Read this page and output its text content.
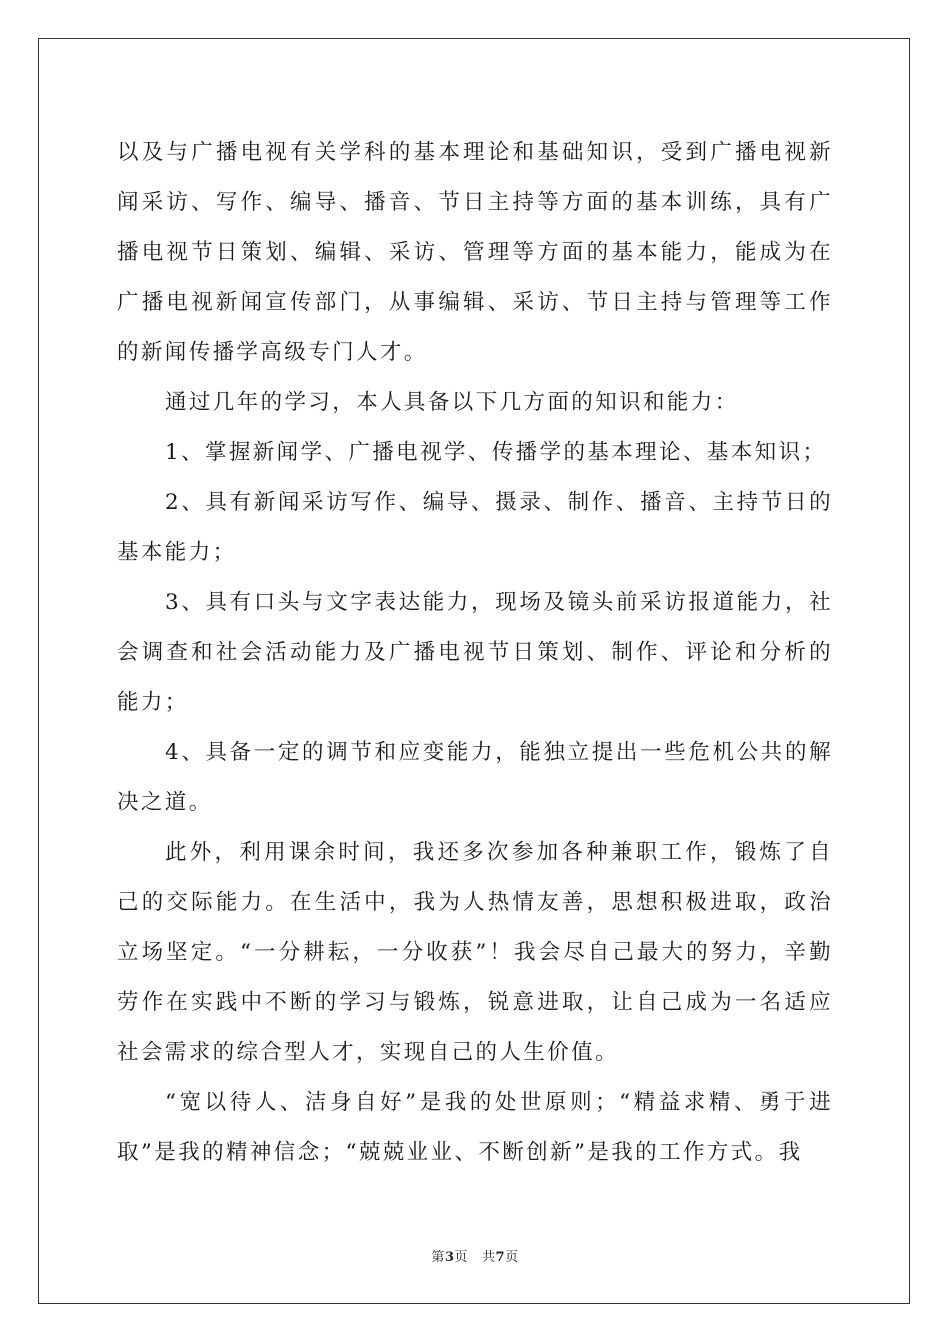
以及与广播电视有关学科的基本理论和基础知识，受到广播电视新闻采访、写作、编导、播音、节日主持等方面的基本训练，具有广播电视节日策划、编辑、采访、管理等方面的基本能力，能成为在广播电视新闻宣传部门，从事编辑、采访、节日主持与管理等工作的新闻传播学高级专门人才。

通过几年的学习，本人具备以下几方面的知识和能力：

1、掌握新闻学、广播电视学、传播学的基本理论、基本知识；

2、具有新闻采访写作、编导、摄录、制作、播音、主持节日的基本能力；

3、具有口头与文字表达能力，现场及镜头前采访报道能力，社会调查和社会活动能力及广播电视节日策划、制作、评论和分析的能力；

4、具备一定的调节和应变能力，能独立提出一些危机公共的解决之道。

此外，利用课余时间，我还多次参加各种兼职工作，锻炼了自己的交际能力。在生活中，我为人热情友善，思想积极进取，政治立场坚定。“一分耕耘，一分收获”！我会尽自己最大的努力，辛勤劳作在实践中不断的学习与锻炼，锐意进取，让自己成为一名适应社会需求的综合型人才，实现自己的人生价值。

“宽以待人、洁身自好”是我的处世原则；“精益求精、勇于进取”是我的精神信念；“兢兢业业、不断创新”是我的工作方式。我

第3页 共7页
